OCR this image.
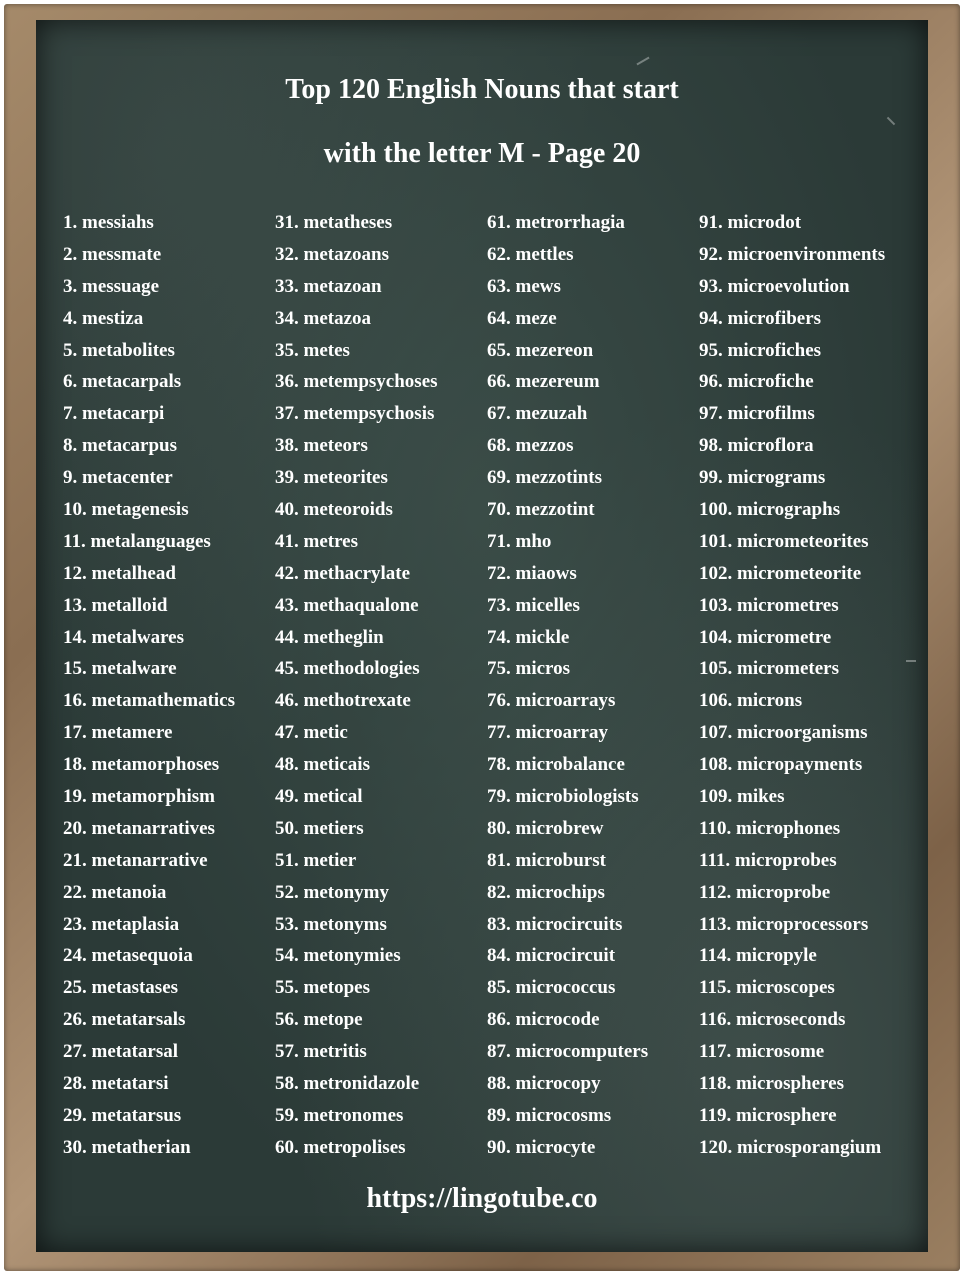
Top 120 English Nouns that start
with the letter M - Page 20
1. messiahs
2. messmate
3. messuage
4. mestiza
5. metabolites
6. metacarpals
7. metacarpi
8. metacarpus
9. metacenter
10. metagenesis
11. metalanguages
12. metalhead
13. metalloid
14. metalwares
15. metalware
16. metamathematics
17. metamere
18. metamorphoses
19. metamorphism
20. metanarratives
21. metanarrative
22. metanoia
23. metaplasia
24. metasequoia
25. metastases
26. metatarsals
27. metatarsal
28. metatarsi
29. metatarsus
30. metatherian
31. metatheses
32. metazoans
33. metazoan
34. metazoa
35. metes
36. metempsychoses
37. metempsychosis
38. meteors
39. meteorites
40. meteoroids
41. metres
42. methacrylate
43. methaqualone
44. metheglin
45. methodologies
46. methotrexate
47. metic
48. meticais
49. metical
50. metiers
51. metier
52. metonymy
53. metonyms
54. metonymies
55. metopes
56. metope
57. metritis
58. metronidazole
59. metronomes
60. metropolises
61. metrorrhagia
62. mettles
63. mews
64. meze
65. mezereon
66. mezereum
67. mezuzah
68. mezzos
69. mezzotints
70. mezzotint
71. mho
72. miaows
73. micelles
74. mickle
75. micros
76. microarrays
77. microarray
78. microbalance
79. microbiologists
80. microbrew
81. microburst
82. microchips
83. microcircuits
84. microcircuit
85. micrococcus
86. microcode
87. microcomputers
88. microcopy
89. microcosms
90. microcyte
91. microdot
92. microenvironments
93. microevolution
94. microfibers
95. microfiches
96. microfiche
97. microfilms
98. microflora
99. micrograms
100. micrographs
101. micrometeorites
102. micrometeorite
103. micrometres
104. micrometre
105. micrometers
106. microns
107. microorganisms
108. micropayments
109. mikes
110. microphones
111. microprobes
112. microprobe
113. microprocessors
114. micropyle
115. microscopes
116. microseconds
117. microsome
118. microspheres
119. microsphere
120. microsporangium
https://lingotube.co
